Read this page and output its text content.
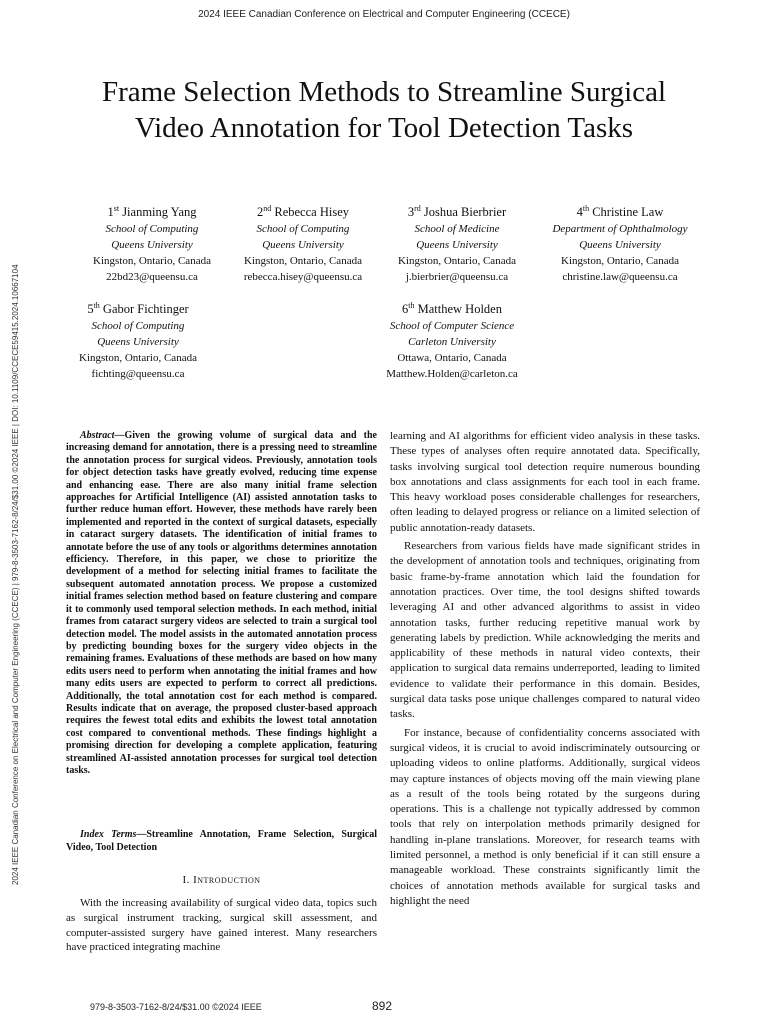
2024 IEEE Canadian Conference on Electrical and Computer Engineering (CCECE)
2024 IEEE Canadian Conference on Electrical and Computer Engineering (CCECE) | 979-8-3503-7162-8/24/$31.00 ©2024 IEEE | DOI: 10.1109/CCECE59415.2024.10667104
Frame Selection Methods to Streamline Surgical
Video Annotation for Tool Detection Tasks
1st Jianming Yang
School of Computing
Queens University
Kingston, Ontario, Canada
22bd23@queensu.ca
2nd Rebecca Hisey
School of Computing
Queens University
Kingston, Ontario, Canada
rebecca.hisey@queensu.ca
3rd Joshua Bierbrier
School of Medicine
Queens University
Kingston, Ontario, Canada
j.bierbrier@queensu.ca
4th Christine Law
Department of Ophthalmology
Queens University
Kingston, Ontario, Canada
christine.law@queensu.ca
5th Gabor Fichtinger
School of Computing
Queens University
Kingston, Ontario, Canada
fichting@queensu.ca
6th Matthew Holden
School of Computer Science
Carleton University
Ottawa, Ontario, Canada
Matthew.Holden@carleton.ca
Abstract—Given the growing volume of surgical data and the increasing demand for annotation, there is a pressing need to streamline the annotation process for surgical videos. Previously, annotation tools for object detection tasks have greatly evolved, reducing time expense and enhancing ease. There are also many initial frame selection approaches for Artificial Intelligence (AI) assisted annotation tasks to further reduce human effort. However, these methods have rarely been implemented and reported in the context of surgical datasets, especially in cataract surgery datasets. The identification of initial frames to annotate before the use of any tools or algorithms determines annotation efficiency. Therefore, in this paper, we chose to prioritize the development of a method for selecting initial frames to facilitate the subsequent automated annotation process. We propose a customized initial frames selection method based on feature clustering and compare it to commonly used temporal selection methods. In each method, initial frames from cataract surgery videos are selected to train a surgical tool detection model. The model assists in the automated annotation process by predicting bounding boxes for the surgery video objects in the remaining frames. Evaluations of these methods are based on how many edits users need to perform when annotating the initial frames and how many edits users are expected to perform to correct all predictions. Additionally, the total annotation cost for each method is compared. Results indicate that on average, the proposed cluster-based approach requires the fewest total edits and exhibits the lowest total annotation cost compared to conventional methods. These findings highlight a promising direction for developing a complete application, featuring streamlined AI-assisted annotation processes for surgical tool detection tasks.
Index Terms—Streamline Annotation, Frame Selection, Surgical Video, Tool Detection
I. Introduction
With the increasing availability of surgical video data, topics such as surgical instrument tracking, surgical skill assessment, and computer-assisted surgery have gained interest. Many researchers have practiced integrating machine

learning and AI algorithms for efficient video analysis in these tasks. These types of analyses often require annotated data. Specifically, tasks involving surgical tool detection require numerous bounding box annotations and class assignments for each tool in each frame. This heavy workload poses considerable challenges for researchers, often leading to delayed progress or reliance on a limited selection of public annotation-ready datasets.

Researchers from various fields have made significant strides in the development of annotation tools and techniques, originating from basic frame-by-frame annotation which laid the foundation for annotation practices. Over time, the tool designs shifted towards leveraging AI and other advanced algorithms to assist in video annotation tasks, further reducing repetitive manual work by generating labels by prediction. While acknowledging the merits and applicability of these methods in natural video contexts, their application to surgical data remains underreported, leading to limited evidence to validate their performance in this domain. Besides, surgical data tasks pose unique challenges compared to natural video tasks.

For instance, because of confidentiality concerns associated with surgical videos, it is crucial to avoid indiscriminately outsourcing or uploading videos to online platforms. Additionally, surgical videos may capture instances of objects moving off the main viewing plane as a result of the tools being rotated by the surgeons during operations. This is a challenge not typically addressed by common tools that rely on interpolation methods primarily designed for handling in-plane translations. Moreover, for research teams with limited personnel, a method is only beneficial if it can still ensure a manageable workload. These constraints significantly limit the choices of annotation methods available for surgical tasks and highlight the need

979-8-3503-7162-8/24/$31.00 ©2024 IEEE	892
